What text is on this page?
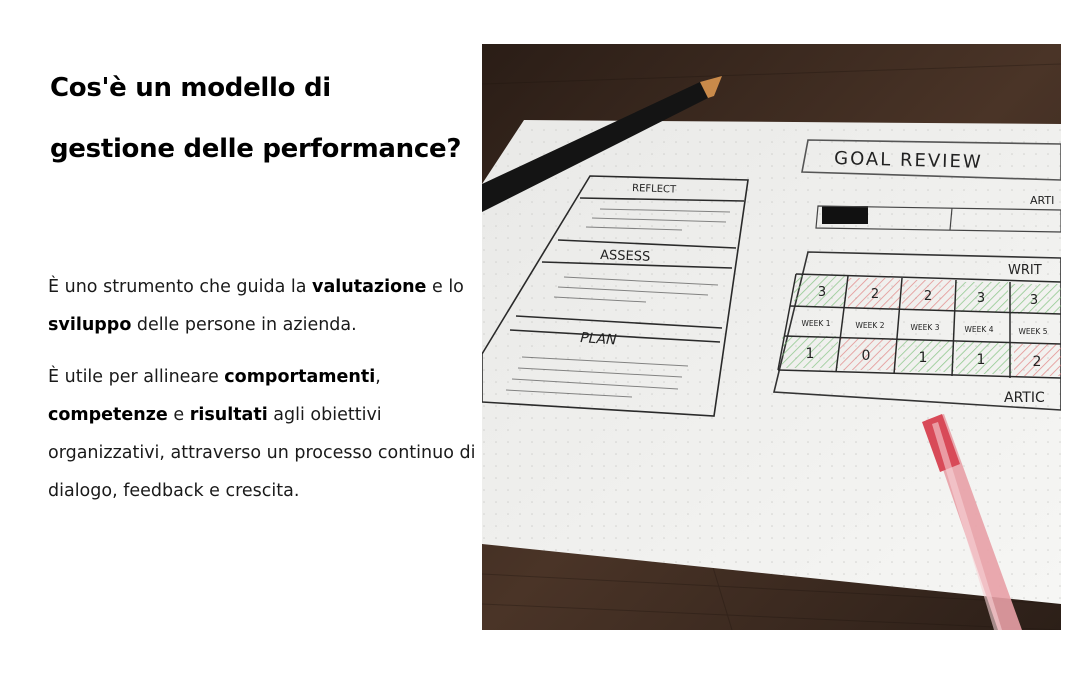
Cos'è un modello di
gestione delle performance?

È uno strumento che guida la valutazione e lo sviluppo delle persone in azienda.

È utile per allineare comportamenti, competenze e risultati agli obiettivi organizzativi, attraverso un processo continuo di dialogo, feedback e crescita.

REFLECT
ASSESS
PLAN
GOAL REVIEW
ARTI
WRIT
ARTIC
3	2	2	3	3
WEEK 1	WEEK 2	WEEK 3	WEEK 4	WEEK 5
1	0	1	1	2
